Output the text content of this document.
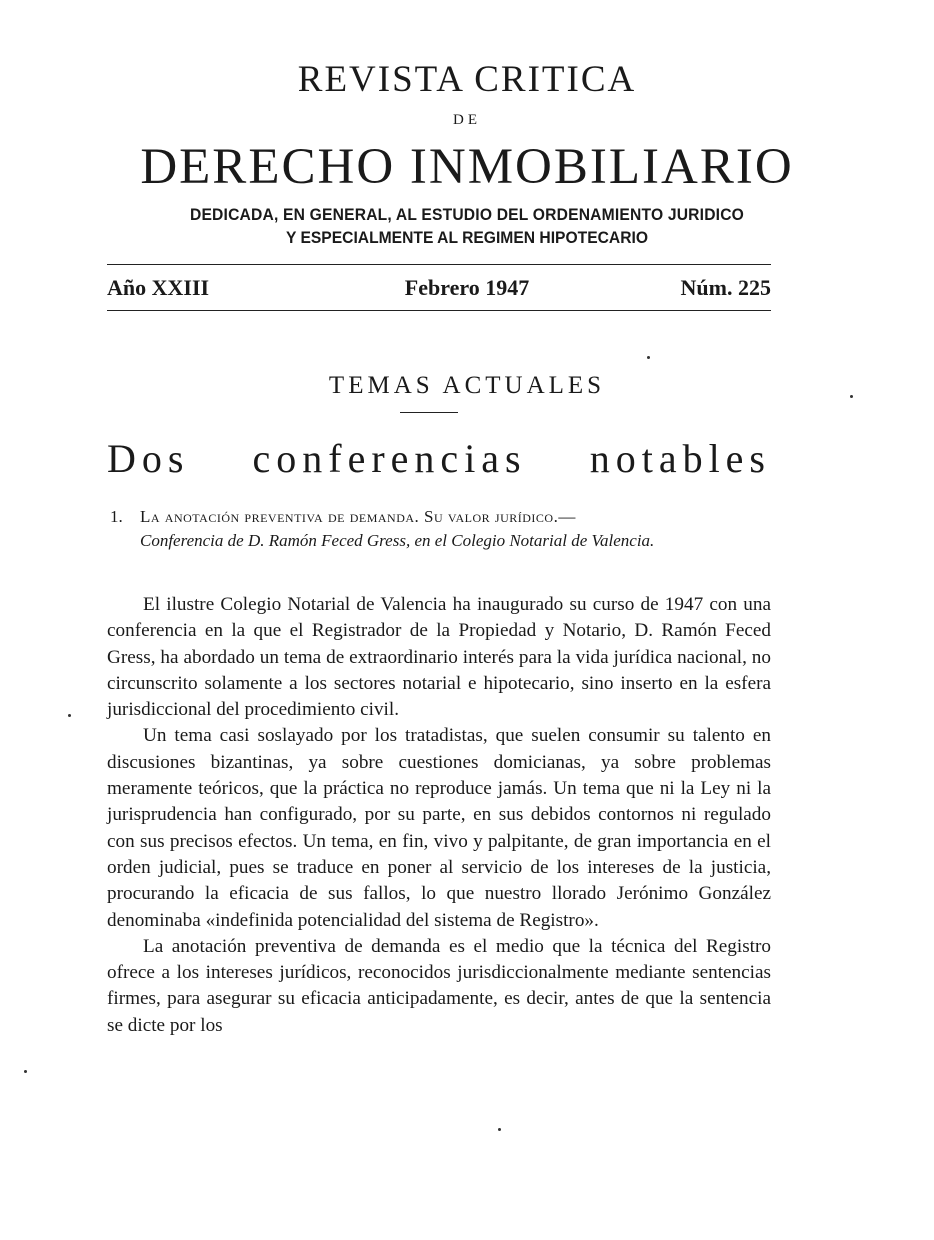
REVISTA CRITICA
DE
DERECHO INMOBILIARIO
DEDICADA, EN GENERAL, AL ESTUDIO DEL ORDENAMIENTO JURIDICO
Y ESPECIALMENTE AL REGIMEN HIPOTECARIO
Año XXIII	Febrero 1947	Núm. 225
TEMAS ACTUALES
Dos conferencias notables
1. La anotación preventiva de demanda. Su valor jurídico.—
Conferencia de D. Ramón Feced Gress, en el Colegio Notarial de Valencia.

El ilustre Colegio Notarial de Valencia ha inaugurado su curso de 1947 con una conferencia en la que el Registrador de la Propiedad y Notario, D. Ramón Feced Gress, ha abordado un tema de extraordinario interés para la vida jurídica nacional, no circunscrito solamente a los sectores notarial e hipotecario, sino inserto en la esfera jurisdiccional del procedimiento civil.

Un tema casi soslayado por los tratadistas, que suelen consumir su talento en discusiones bizantinas, ya sobre cuestiones domicianas, ya sobre problemas meramente teóricos, que la práctica no reproduce jamás. Un tema que ni la Ley ni la jurisprudencia han configurado, por su parte, en sus debidos contornos ni regulado con sus precisos efectos. Un tema, en fin, vivo y palpitante, de gran importancia en el orden judicial, pues se traduce en poner al servicio de los intereses de la justicia, procurando la eficacia de sus fallos, lo que nuestro llorado Jerónimo González denominaba «indefinida potencialidad del sistema de Registro».

La anotación preventiva de demanda es el medio que la técnica del Registro ofrece a los intereses jurídicos, reconocidos jurisdiccionalmente mediante sentencias firmes, para asegurar su eficacia anticipadamente, es decir, antes de que la sentencia se dicte por los
